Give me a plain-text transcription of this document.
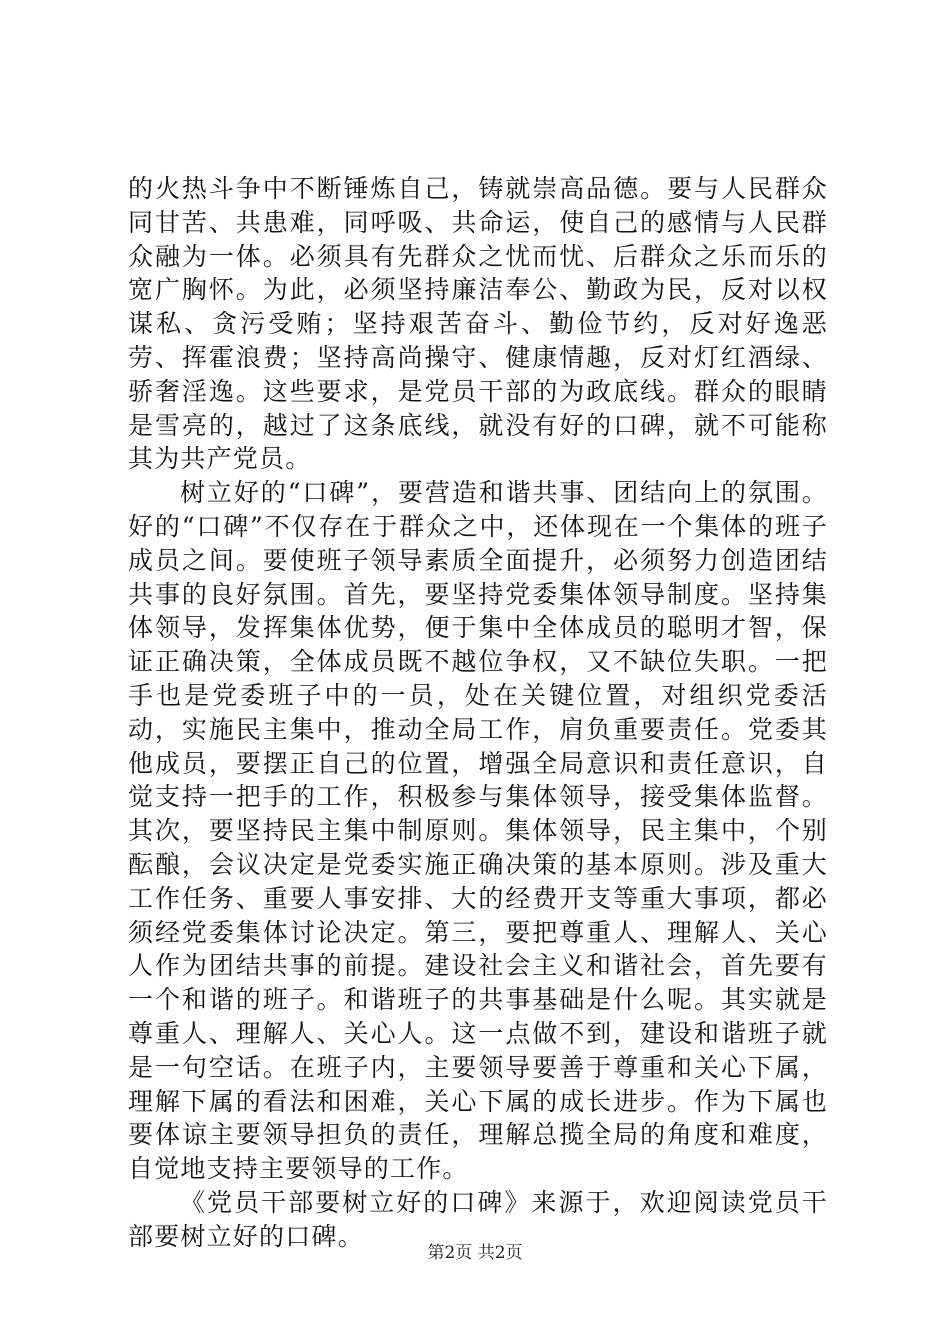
的火热斗争中不断锤炼自己，铸就崇高品德。要与人民群众同甘苦、共患难，同呼吸、共命运，使自己的感情与人民群众融为一体。必须具有先群众之忧而忧、后群众之乐而乐的宽广胸怀。为此，必须坚持廉洁奉公、勤政为民，反对以权谋私、贪污受贿；坚持艰苦奋斗、勤俭节约，反对好逸恶劳、挥霍浪费；坚持高尚操守、健康情趣，反对灯红酒绿、骄奢淫逸。这些要求，是党员干部的为政底线。群众的眼睛是雪亮的，越过了这条底线，就没有好的口碑，就不可能称其为共产党员。

树立好的“口碑”，要营造和谐共事、团结向上的氛围。好的“口碑”不仅存在于群众之中，还体现在一个集体的班子成员之间。要使班子领导素质全面提升，必须努力创造团结共事的良好氛围。首先，要坚持党委集体领导制度。坚持集体领导，发挥集体优势，便于集中全体成员的聪明才智，保证正确决策，全体成员既不越位争权，又不缺位失职。一把手也是党委班子中的一员，处在关键位置，对组织党委活动，实施民主集中，推动全局工作，肩负重要责任。党委其他成员，要摆正自己的位置，增强全局意识和责任意识，自觉支持一把手的工作，积极参与集体领导，接受集体监督。其次，要坚持民主集中制原则。集体领导，民主集中，个别酝酿，会议决定是党委实施正确决策的基本原则。涉及重大工作任务、重要人事安排、大的经费开支等重大事项，都必须经党委集体讨论决定。第三，要把尊重人、理解人、关心人作为团结共事的前提。建设社会主义和谐社会，首先要有一个和谐的班子。和谐班子的共事基础是什么呢。其实就是尊重人、理解人、关心人。这一点做不到，建设和谐班子就是一句空话。在班子内，主要领导要善于尊重和关心下属，理解下属的看法和困难，关心下属的成长进步。作为下属也要体谅主要领导担负的责任，理解总揽全局的角度和难度，自觉地支持主要领导的工作。

《党员干部要树立好的口碑》来源于，欢迎阅读党员干部要树立好的口碑。

第2页 共2页
